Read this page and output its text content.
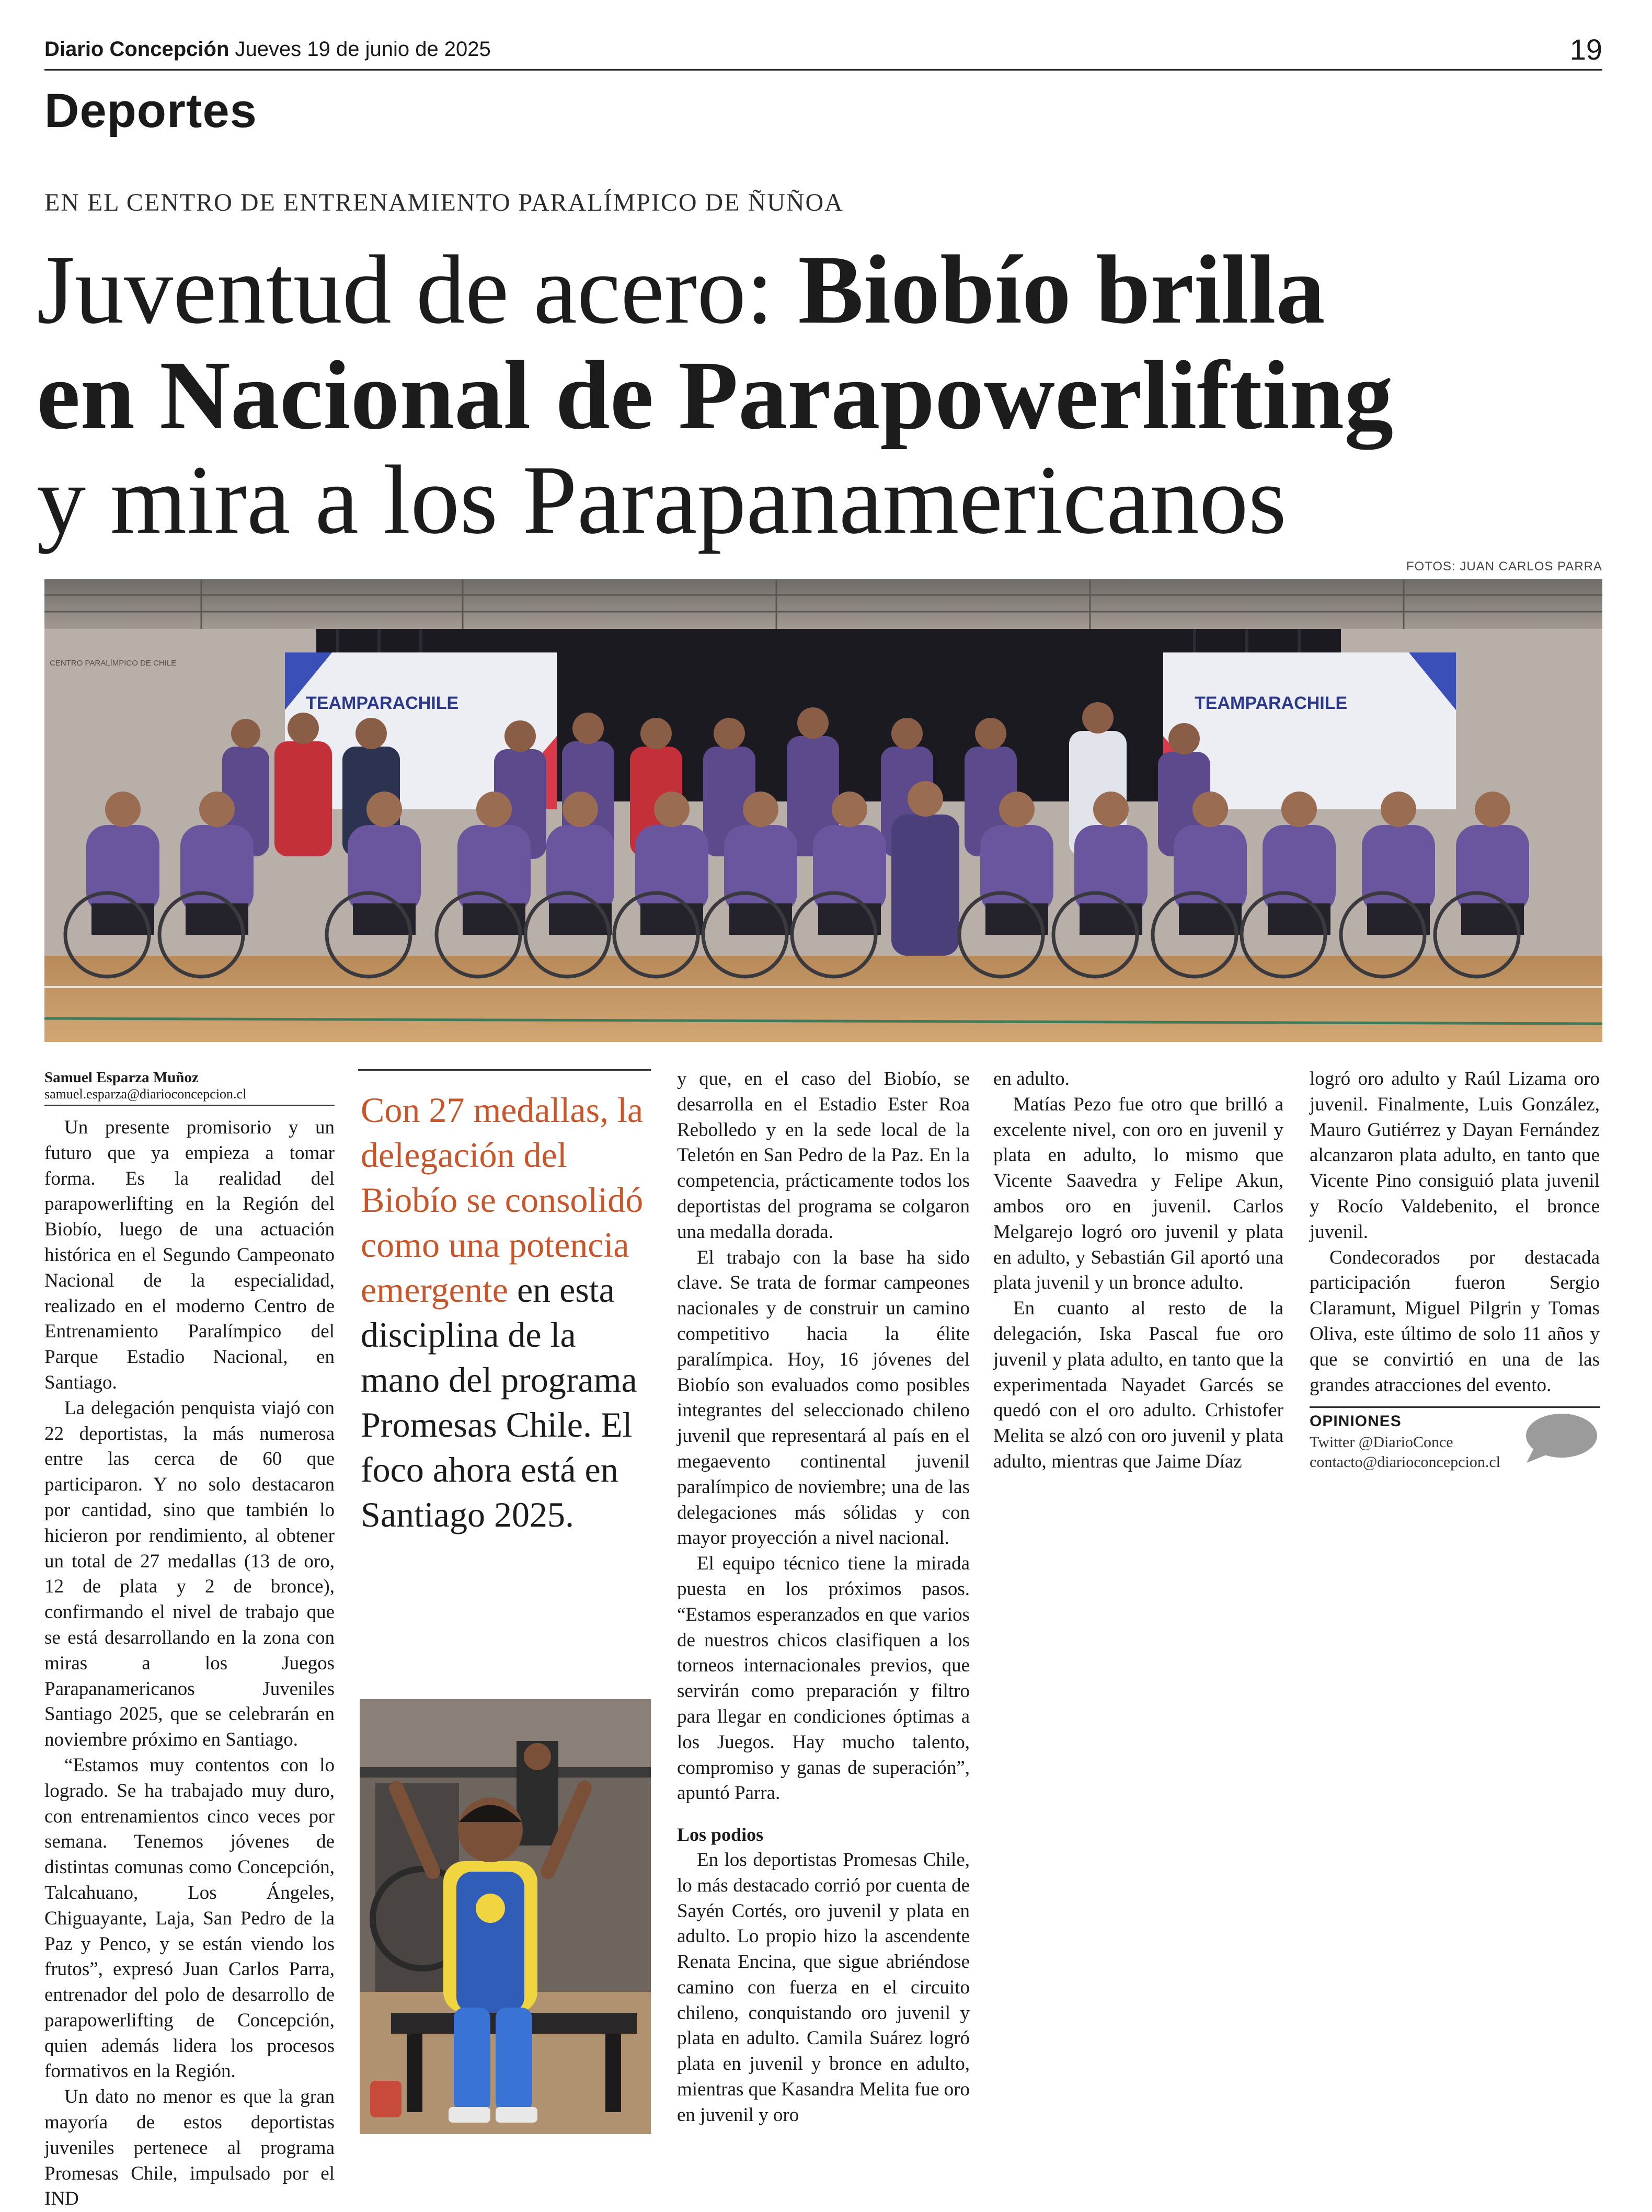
Diario Concepción Jueves 19 de junio de 2025	19
Deportes
EN EL CENTRO DE ENTRENAMIENTO PARALÍMPICO DE ÑUÑOA
Juventud de acero: Biobío brilla
en Nacional de Parapowerlifting
y mira a los Parapanamericanos
FOTOS: JUAN CARLOS PARRA
TEAMPARACHILE	TEAMPARACHILE
CENTRO PARALÍMPICO DE CHILE
Samuel Esparza Muñoz
samuel.esparza@diarioconcepcion.cl

Un presente promisorio y un futuro que ya empieza a tomar forma. Es la realidad del parapowerlifting en la Región del Biobío, luego de una actuación histórica en el Segundo Campeonato Nacional de la especialidad, realizado en el moderno Centro de Entrenamiento Paralímpico del Parque Estadio Nacional, en Santiago.

La delegación penquista viajó con 22 deportistas, la más numerosa entre las cerca de 60 que participaron. Y no solo destacaron por cantidad, sino que también lo hicieron por rendimiento, al obtener un total de 27 medallas (13 de oro, 12 de plata y 2 de bronce), confirmando el nivel de trabajo que se está desarrollando en la zona con miras a los Juegos Parapanamericanos Juveniles Santiago 2025, que se celebrarán en noviembre próximo en Santiago.

“Estamos muy contentos con lo logrado. Se ha trabajado muy duro, con entrenamientos cinco veces por semana. Tenemos jóvenes de distintas comunas como Concepción, Talcahuano, Los Ángeles, Chiguayante, Laja, San Pedro de la Paz y Penco, y se están viendo los frutos”, expresó Juan Carlos Parra, entrenador del polo de desarrollo de parapowerlifting de Concepción, quien además lidera los procesos formativos en la Región.

Un dato no menor es que la gran mayoría de estos deportistas juveniles pertenece al programa Promesas Chile, impulsado por el IND

Con 27 medallas, la delegación del Biobío se consolidó como una potencia emergente en esta disciplina de la mano del programa Promesas Chile. El foco ahora está en Santiago 2025.

y que, en el caso del Biobío, se desarrolla en el Estadio Ester Roa Rebolledo y en la sede local de la Teletón en San Pedro de la Paz. En la competencia, prácticamente todos los deportistas del programa se colgaron una medalla dorada.

El trabajo con la base ha sido clave. Se trata de formar campeones nacionales y de construir un camino competitivo hacia la élite paralímpica. Hoy, 16 jóvenes del Biobío son evaluados como posibles integrantes del seleccionado chileno juvenil que representará al país en el megaevento continental juvenil paralímpico de noviembre; una de las delegaciones más sólidas y con mayor proyección a nivel nacional.

El equipo técnico tiene la mirada puesta en los próximos pasos. “Estamos esperanzados en que varios de nuestros chicos clasifiquen a los torneos internacionales previos, que servirán como preparación y filtro para llegar en condiciones óptimas a los Juegos. Hay mucho talento, compromiso y ganas de superación”, apuntó Parra.

Los podios

En los deportistas Promesas Chile, lo más destacado corrió por cuenta de Sayén Cortés, oro juvenil y plata en adulto. Lo propio hizo la ascendente Renata Encina, que sigue abriéndose camino con fuerza en el circuito chileno, conquistando oro juvenil y plata en adulto. Camila Suárez logró plata en juvenil y bronce en adulto, mientras que Kasandra Melita fue oro en juvenil y oro

en adulto.

Matías Pezo fue otro que brilló a excelente nivel, con oro en juvenil y plata en adulto, lo mismo que Vicente Saavedra y Felipe Akun, ambos oro en juvenil. Carlos Melgarejo logró oro juvenil y plata en adulto, y Sebastián Gil aportó una plata juvenil y un bronce adulto.

En cuanto al resto de la delegación, Iska Pascal fue oro juvenil y plata adulto, en tanto que la experimentada Nayadet Garcés se quedó con el oro adulto. Crhistofer Melita se alzó con oro juvenil y plata adulto, mientras que Jaime Díaz

logró oro adulto y Raúl Lizama oro juvenil. Finalmente, Luis González, Mauro Gutiérrez y Dayan Fernández alcanzaron plata adulto, en tanto que Vicente Pino consiguió plata juvenil y Rocío Valdebenito, el bronce juvenil.

Condecorados por destacada participación fueron Sergio Claramunt, Miguel Pilgrin y Tomas Oliva, este último de solo 11 años y que se convirtió en una de las grandes atracciones del evento.

OPINIONES
Twitter @DiarioConce
contacto@diarioconcepcion.cl
